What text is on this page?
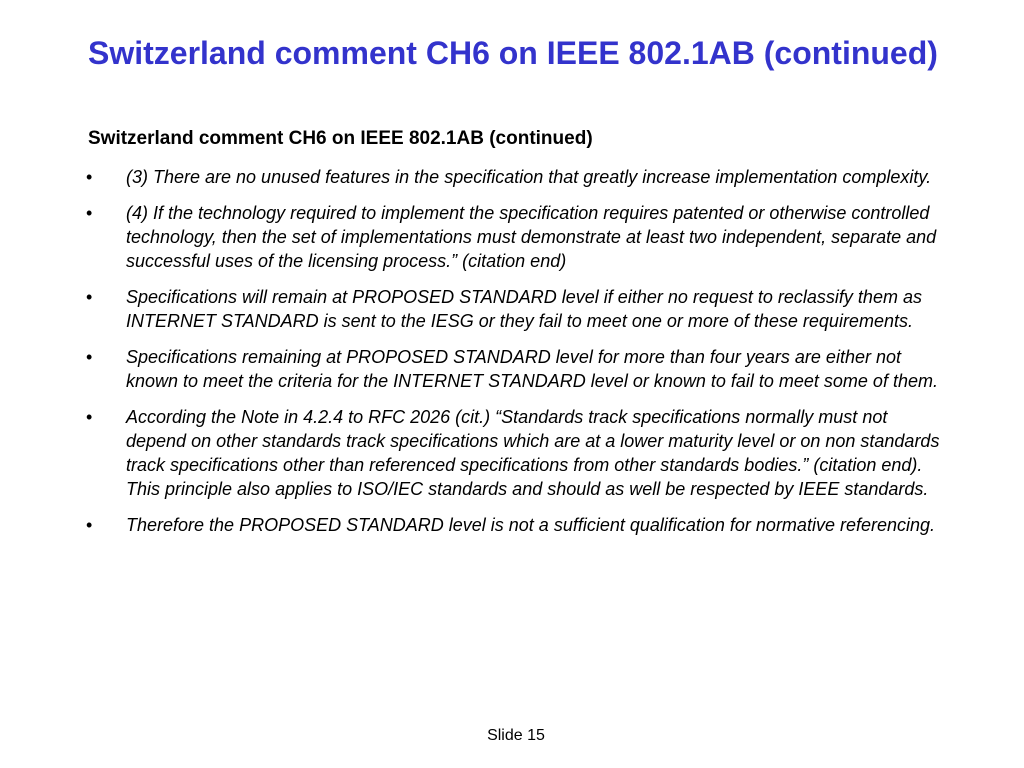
Switzerland comment CH6 on IEEE 802.1AB (continued)
Switzerland comment CH6 on IEEE 802.1AB (continued)
• (3) There are no unused features in the specification that greatly increase implementation complexity.
• (4) If the technology required to implement the specification requires patented or otherwise controlled technology, then the set of implementations must demonstrate at least two independent, separate and successful uses of the licensing process.” (citation end)
• Specifications will remain at PROPOSED STANDARD level if either no request to reclassify them as INTERNET STANDARD is sent to the IESG or they fail to meet one or more of these requirements.
• Specifications remaining at PROPOSED STANDARD level for more than four years are either not known to meet the criteria for the INTERNET STANDARD level or known to fail to meet some of them.
• According the Note in 4.2.4 to RFC 2026 (cit.) “Standards track specifications normally must not depend on other standards track specifications which are at a lower maturity level or on non standards track specifications other than referenced specifications from other standards bodies.” (citation end). This principle also applies to ISO/IEC standards and should as well be respected by IEEE standards.
• Therefore the PROPOSED STANDARD level is not a sufficient qualification for normative referencing.
Slide 15
